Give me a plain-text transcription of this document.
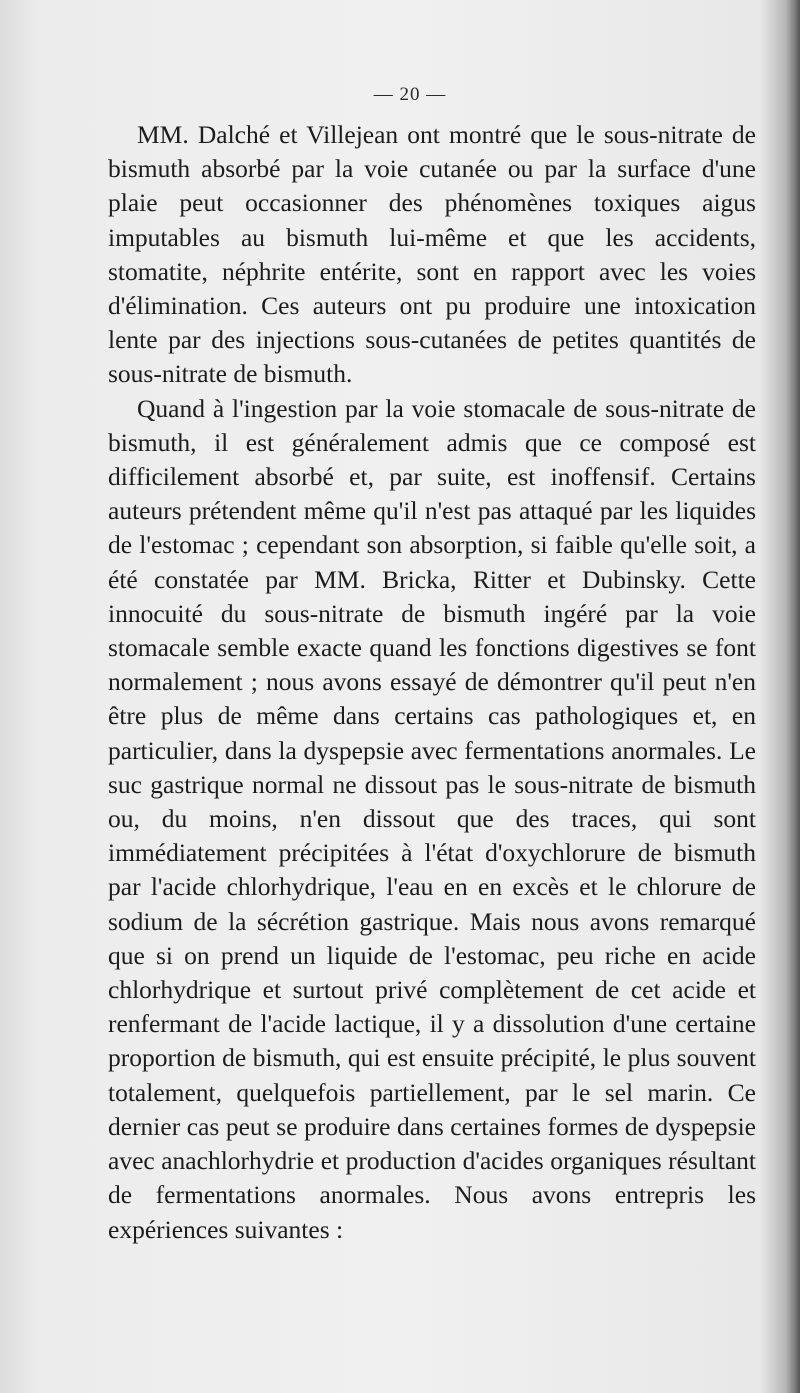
— 20 —

MM. Dalché et Villejean ont montré que le sous-nitrate de bismuth absorbé par la voie cutanée ou par la surface d'une plaie peut occasionner des phénomènes toxiques aigus imputables au bismuth lui-même et que les accidents, stomatite, néphrite entérite, sont en rapport avec les voies d'élimination. Ces auteurs ont pu produire une intoxication lente par des injections sous-cutanées de petites quantités de sous-nitrate de bismuth.

Quand à l'ingestion par la voie stomacale de sous-nitrate de bismuth, il est généralement admis que ce composé est difficilement absorbé et, par suite, est inoffensif. Certains auteurs prétendent même qu'il n'est pas attaqué par les liquides de l'estomac ; cependant son absorption, si faible qu'elle soit, a été constatée par MM. Bricka, Ritter et Dubinsky. Cette innocuité du sous-nitrate de bismuth ingéré par la voie stomacale semble exacte quand les fonctions digestives se font normalement ; nous avons essayé de démontrer qu'il peut n'en être plus de même dans certains cas pathologiques et, en particulier, dans la dyspepsie avec fermentations anormales. Le suc gastrique normal ne dissout pas le sous-nitrate de bismuth ou, du moins, n'en dissout que des traces, qui sont immédiatement précipitées à l'état d'oxychlorure de bismuth par l'acide chlorhydrique, l'eau en en excès et le chlorure de sodium de la sécrétion gastrique. Mais nous avons remarqué que si on prend un liquide de l'estomac, peu riche en acide chlorhydrique et surtout privé complètement de cet acide et renfermant de l'acide lactique, il y a dissolution d'une certaine proportion de bismuth, qui est ensuite précipité, le plus souvent totalement, quelquefois partiellement, par le sel marin. Ce dernier cas peut se produire dans certaines formes de dyspepsie avec anachlorhydrie et production d'acides organiques résultant de fermentations anormales. Nous avons entrepris les expériences suivantes :
